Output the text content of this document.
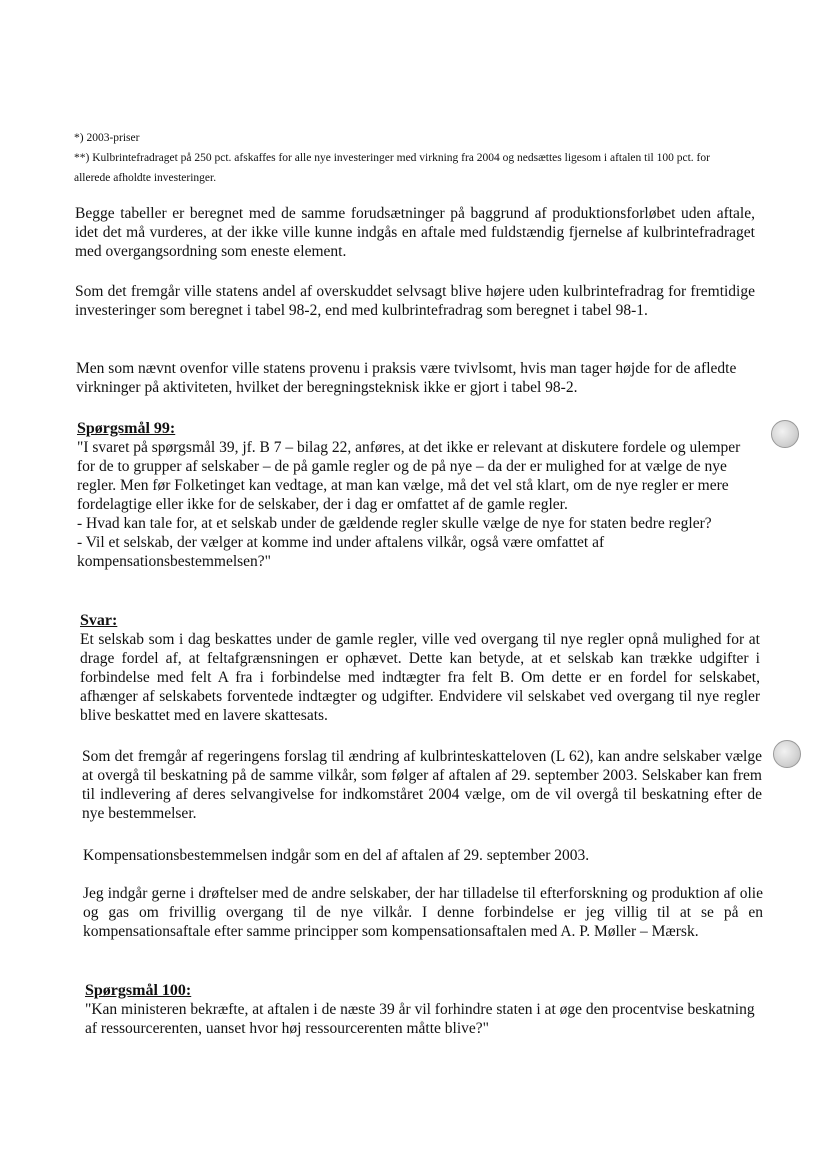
*) 2003-priser

**) Kulbrintefradraget på 250 pct. afskaffes for alle nye investeringer med virkning fra 2004 og nedsættes ligesom i aftalen til 100 pct. for allerede afholdte investeringer.

Begge tabeller er beregnet med de samme forudsætninger på baggrund af produktionsforløbet uden aftale, idet det må vurderes, at der ikke ville kunne indgås en aftale med fuldstændig fjernelse af kulbrintefradraget med overgangsordning som eneste element.

Som det fremgår ville statens andel af overskuddet selvsagt blive højere uden kulbrintefradrag for fremtidige investeringer som beregnet i tabel 98-2, end med kulbrintefradrag som beregnet i tabel 98-1.

Men som nævnt ovenfor ville statens provenu i praksis være tvivlsomt, hvis man tager højde for de afledte virkninger på aktiviteten, hvilket der beregningsteknisk ikke er gjort i tabel 98-2.

Spørgsmål 99:

"I svaret på spørgsmål 39, jf. B 7 – bilag 22, anføres, at det ikke er relevant at diskutere fordele og ulemper for de to grupper af selskaber – de på gamle regler og de på nye – da der er mulighed for at vælge de nye regler. Men før Folketinget kan vedtage, at man kan vælge, må det vel stå klart, om de nye regler er mere fordelagtige eller ikke for de selskaber, der i dag er omfattet af de gamle regler.

- Hvad kan tale for, at et selskab under de gældende regler skulle vælge de nye for staten bedre regler?

- Vil et selskab, der vælger at komme ind under aftalens vilkår, også være omfattet af kompensationsbestemmelsen?"

Svar:

Et selskab som i dag beskattes under de gamle regler, ville ved overgang til nye regler opnå mulighed for at drage fordel af, at feltafgrænsningen er ophævet. Dette kan betyde, at et selskab kan trække udgifter i forbindelse med felt A fra i forbindelse med indtægter fra felt B. Om dette er en fordel for selskabet, afhænger af selskabets forventede indtægter og udgifter. Endvidere vil selskabet ved overgang til nye regler blive beskattet med en lavere skattesats.

Som det fremgår af regeringens forslag til ændring af kulbrinteskatteloven (L 62), kan andre selskaber vælge at overgå til beskatning på de samme vilkår, som følger af aftalen af 29. september 2003. Selskaber kan frem til indlevering af deres selvangivelse for indkomståret 2004 vælge, om de vil overgå til beskatning efter de nye bestemmelser.

Kompensationsbestemmelsen indgår som en del af aftalen af 29. september 2003.

Jeg indgår gerne i drøftelser med de andre selskaber, der har tilladelse til efterforskning og produktion af olie og gas om frivillig overgang til de nye vilkår. I denne forbindelse er jeg villig til at se på en kompensationsaftale efter samme principper som kompensationsaftalen med A. P. Møller – Mærsk.

Spørgsmål 100:

"Kan ministeren bekræfte, at aftalen i de næste 39 år vil forhindre staten i at øge den procentvise beskatning af ressourcerenten, uanset hvor høj ressourcerenten måtte blive?"
